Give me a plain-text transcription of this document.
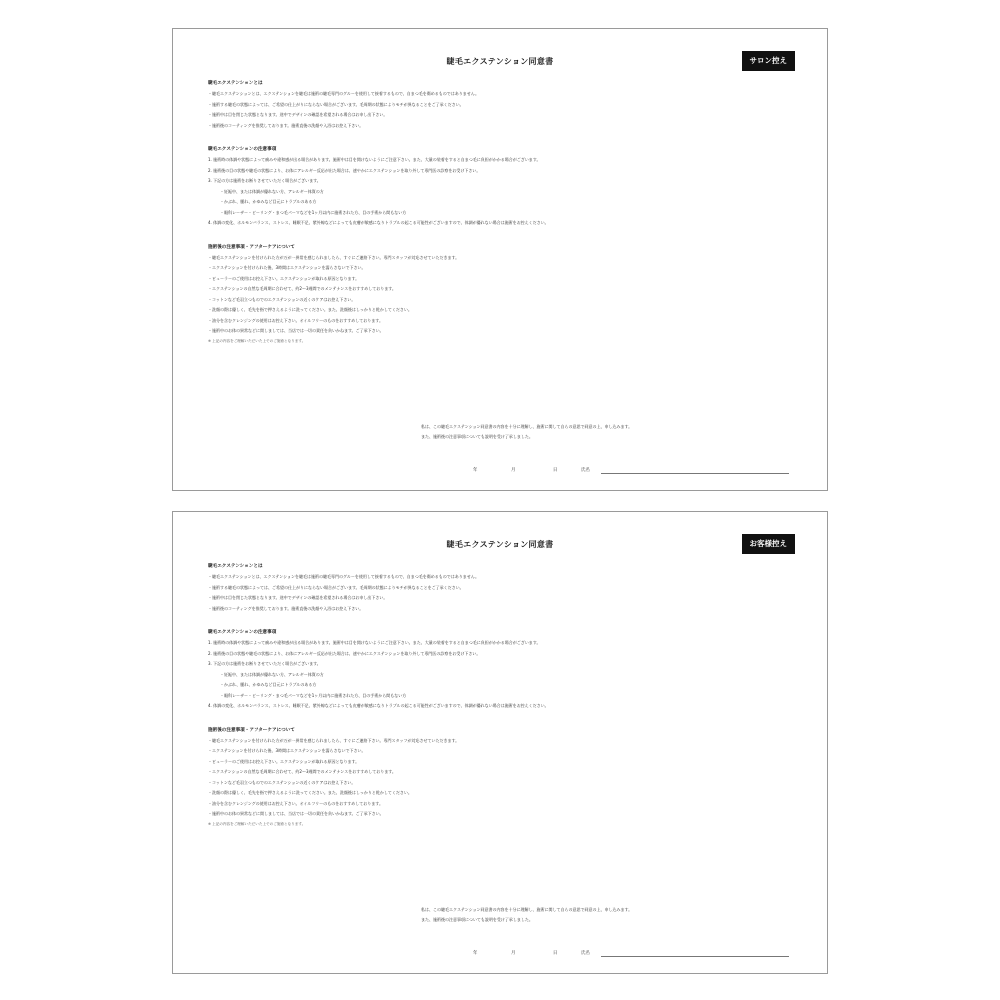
睫毛エクステンション同意書	サロン控え
睫毛エクステンションとは
・睫毛エクステンションとは、エクステンションを睫毛は施術の睫毛専門のグルーを使用して接着するもので、自まつ毛を傷めるものではありません。
・施術する睫毛の状態によっては、ご希望の仕上がりにならない場合がございます。毛周期の状態によりモチが異なることをご了承ください。
・施術中は目を閉じた状態となります。途中でデザインの確認を希望される場合はお申し出下さい。
・施術後のコーティングを推奨しております。施術直後の洗顔や入浴はお控え下さい。
睫毛エクステンションの注意事項
1. 施術時の体調や状態によって痛みや違和感が出る場合があります。施術中は目を開けないようにご注意下さい。また、大量の装着をすると自まつ毛に負担がかかる場合がございます。
2. 施術後の目の状態や睫毛の状態により、お体にアレルギー反応が出た場合は、速やかにエクステンションを取り外して専門医の診察をお受け下さい。
3. 下記の方は施術をお断りさせていただく場合がございます。
・妊娠中、または体調が優れない方、アレルギー体質の方
・かぶれ、腫れ、かゆみなど目元にトラブルのある方
・眼科レーザー・ピーリング・まつ毛パーマなどを1ヶ月以内に施術された方、目の手術から間もない方
4. 体調の変化、ホルモンバランス、ストレス、睡眠不足、紫外線などによっても皮膚が敏感になりトラブルの起こる可能性がございますので、体調が優れない場合は施術をお控えください。
施術後の注意事項・アフターケアについて
・睫毛エクステンションを付けられた方が万が一異常を感じられましたら、すぐにご連絡下さい。専門スタッフが対応させていただきます。
・エクステンションを付けられた後、3時間はエクステンションを濡らさないで下さい。
・ビューラーのご使用はお控え下さい。エクステンションが取れる原因となります。
・エクステンションの自然な毛周期に合わせて、約2〜3週間でのメンテナンスをおすすめしております。
・コットンなど毛羽立つものでのエクステンションの近くのケアはお控え下さい。
・洗顔の際は優しく、毛先を指で押さえるように洗ってください。また、洗顔後はしっかりと乾かしてください。
・油分を含むクレンジングの使用はお控え下さい。オイルフリーのものをおすすめしております。
・施術中のお体の異常などに関しましては、当店では一切の責任を負いかねます。ご了承下さい。
※ 上記の内容をご理解いただいた上でのご施術となります。
私は、この睫毛エクステンション同意書の内容を十分に理解し、施術に関して自らの意思で同意の上、申し込みます。
また、施術後の注意事項についても説明を受け了承しました。
年	月	日	氏名
睫毛エクステンション同意書	お客様控え
睫毛エクステンションとは
・睫毛エクステンションとは、エクステンションを睫毛は施術の睫毛専門のグルーを使用して接着するもので、自まつ毛を傷めるものではありません。
・施術する睫毛の状態によっては、ご希望の仕上がりにならない場合がございます。毛周期の状態によりモチが異なることをご了承ください。
・施術中は目を閉じた状態となります。途中でデザインの確認を希望される場合はお申し出下さい。
・施術後のコーティングを推奨しております。施術直後の洗顔や入浴はお控え下さい。
睫毛エクステンションの注意事項
1. 施術時の体調や状態によって痛みや違和感が出る場合があります。施術中は目を開けないようにご注意下さい。また、大量の装着をすると自まつ毛に負担がかかる場合がございます。
2. 施術後の目の状態や睫毛の状態により、お体にアレルギー反応が出た場合は、速やかにエクステンションを取り外して専門医の診察をお受け下さい。
3. 下記の方は施術をお断りさせていただく場合がございます。
・妊娠中、または体調が優れない方、アレルギー体質の方
・かぶれ、腫れ、かゆみなど目元にトラブルのある方
・眼科レーザー・ピーリング・まつ毛パーマなどを1ヶ月以内に施術された方、目の手術から間もない方
4. 体調の変化、ホルモンバランス、ストレス、睡眠不足、紫外線などによっても皮膚が敏感になりトラブルの起こる可能性がございますので、体調が優れない場合は施術をお控えください。
施術後の注意事項・アフターケアについて
・睫毛エクステンションを付けられた方が万が一異常を感じられましたら、すぐにご連絡下さい。専門スタッフが対応させていただきます。
・エクステンションを付けられた後、3時間はエクステンションを濡らさないで下さい。
・ビューラーのご使用はお控え下さい。エクステンションが取れる原因となります。
・エクステンションの自然な毛周期に合わせて、約2〜3週間でのメンテナンスをおすすめしております。
・コットンなど毛羽立つものでのエクステンションの近くのケアはお控え下さい。
・洗顔の際は優しく、毛先を指で押さえるように洗ってください。また、洗顔後はしっかりと乾かしてください。
・油分を含むクレンジングの使用はお控え下さい。オイルフリーのものをおすすめしております。
・施術中のお体の異常などに関しましては、当店では一切の責任を負いかねます。ご了承下さい。
※ 上記の内容をご理解いただいた上でのご施術となります。
私は、この睫毛エクステンション同意書の内容を十分に理解し、施術に関して自らの意思で同意の上、申し込みます。
また、施術後の注意事項についても説明を受け了承しました。
年	月	日	氏名
